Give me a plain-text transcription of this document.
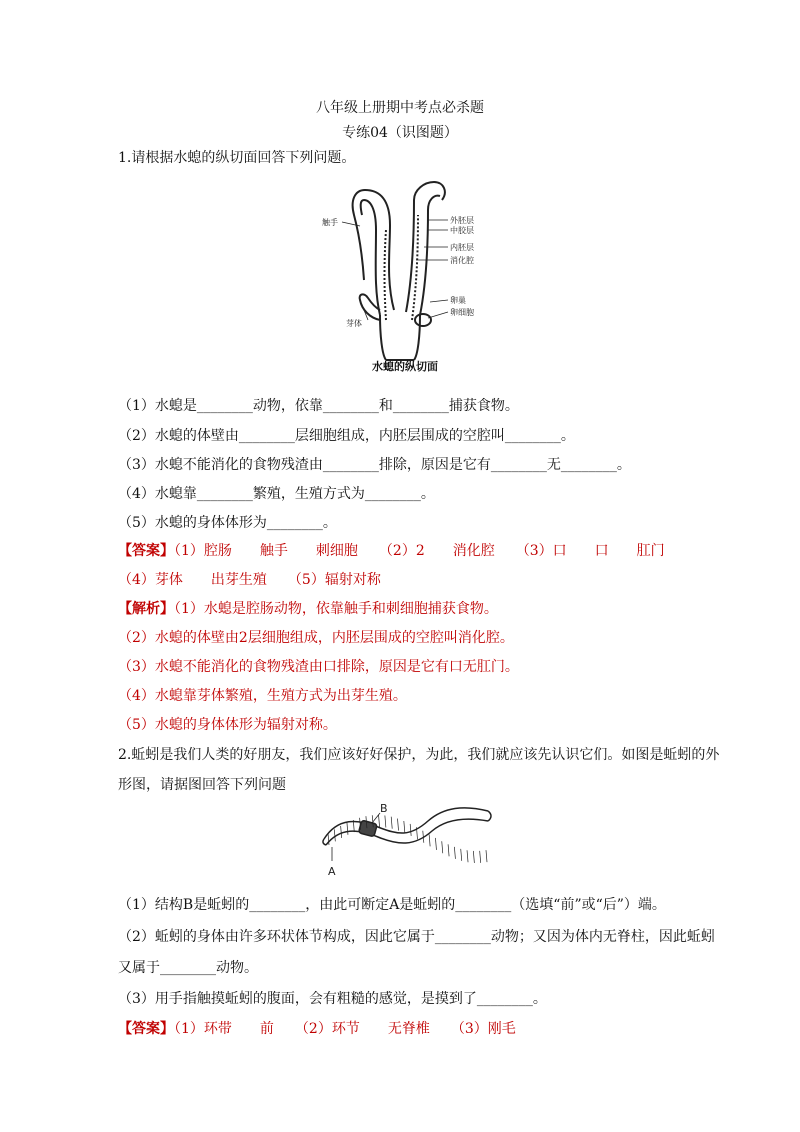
八年级上册期中考点必杀题
专练04（识图题）
1.请根据水螅的纵切面回答下列问题。
触手	外胚层
中胶层
内胚层
消化腔
卵巢
卵细胞
芽体
水螅的纵切面
（1）水螅是________动物，依靠________和________捕获食物。
（2）水螅的体壁由________层细胞组成，内胚层围成的空腔叫________。
（3）水螅不能消化的食物残渣由________排除，原因是它有________无________。
（4）水螅靠________繁殖，生殖方式为________。
（5）水螅的身体体形为________。
【答案】（1）腔肠　　触手　　刺细胞　　（2）2　　消化腔　　（3）口　　口　　肛门
（4）芽体　　出芽生殖　　（5）辐射对称
【解析】（1）水螅是腔肠动物，依靠触手和刺细胞捕获食物。
（2）水螅的体壁由2层细胞组成，内胚层围成的空腔叫消化腔。
（3）水螅不能消化的食物残渣由口排除，原因是它有口无肛门。
（4）水螅靠芽体繁殖，生殖方式为出芽生殖。
（5）水螅的身体体形为辐射对称。
2.蚯蚓是我们人类的好朋友，我们应该好好保护，为此，我们就应该先认识它们。如图是蚯蚓的外
形图，请据图回答下列问题
A
B
（1）结构B是蚯蚓的________，由此可断定A是蚯蚓的________（选填“前”或“后”）端。
（2）蚯蚓的身体由许多环状体节构成，因此它属于________动物；又因为体内无脊柱，因此蚯蚓
又属于________动物。
（3）用手指触摸蚯蚓的腹面，会有粗糙的感觉，是摸到了________。
【答案】（1）环带　　前　　（2）环节　　无脊椎　　（3）刚毛
